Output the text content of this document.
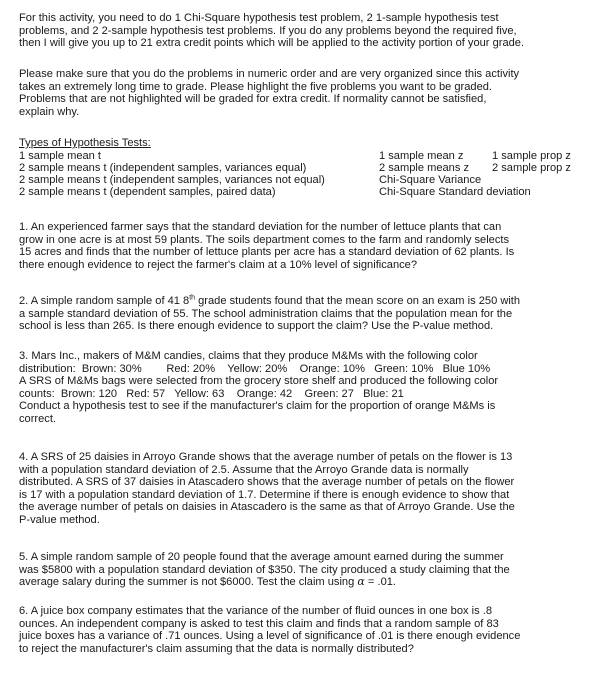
For this activity, you need to do 1 Chi-Square hypothesis test problem, 2 1-sample hypothesis test
problems, and 2 2-sample hypothesis test problems. If you do any problems beyond the required five,
then I will give you up to 21 extra credit points which will be applied to the activity portion of your grade.
Please make sure that you do the problems in numeric order and are very organized since this activity
takes an extremely long time to grade. Please highlight the five problems you want to be graded.
Problems that are not highlighted will be graded for extra credit. If normality cannot be satisfied,
explain why.
Types of Hypothesis Tests:
1 sample mean t	1 sample mean z	1 sample prop z
2 sample means t (independent samples, variances equal)	2 sample means z 2 sample prop z
2 sample means t (independent samples, variances not equal)	Chi-Square Variance
2 sample means t (dependent samples, paired data)	Chi-Square Standard deviation
1. An experienced farmer says that the standard deviation for the number of lettuce plants that can
grow in one acre is at most 59 plants. The soils department comes to the farm and randomly selects
15 acres and finds that the number of lettuce plants per acre has a standard deviation of 62 plants. Is
there enough evidence to reject the farmer's claim at a 10% level of significance?
2. A simple random sample of 41 8th grade students found that the mean score on an exam is 250 with
a sample standard deviation of 55. The school administration claims that the population mean for the
school is less than 265. Is there enough evidence to support the claim? Use the P-value method.
3. Mars Inc., makers of M&M candies, claims that they produce M&Ms with the following color
distribution:  Brown: 30%        Red: 20%    Yellow: 20%    Orange: 10%   Green: 10%   Blue 10%
A SRS of M&Ms bags were selected from the grocery store shelf and produced the following color
counts:  Brown: 120   Red: 57   Yellow: 63    Orange: 42    Green: 27   Blue: 21
Conduct a hypothesis test to see if the manufacturer's claim for the proportion of orange M&Ms is
correct.
4. A SRS of 25 daisies in Arroyo Grande shows that the average number of petals on the flower is 13
with a population standard deviation of 2.5. Assume that the Arroyo Grande data is normally
distributed. A SRS of 37 daisies in Atascadero shows that the average number of petals on the flower
is 17 with a population standard deviation of 1.7. Determine if there is enough evidence to show that
the average number of petals on daisies in Atascadero is the same as that of Arroyo Grande. Use the
P-value method.
5. A simple random sample of 20 people found that the average amount earned during the summer
was $5800 with a population standard deviation of $350. The city produced a study claiming that the
average salary during the summer is not $6000. Test the claim using α = .01.
6. A juice box company estimates that the variance of the number of fluid ounces in one box is .8
ounces. An independent company is asked to test this claim and finds that a random sample of 83
juice boxes has a variance of .71 ounces. Using a level of significance of .01 is there enough evidence
to reject the manufacturer's claim assuming that the data is normally distributed?
